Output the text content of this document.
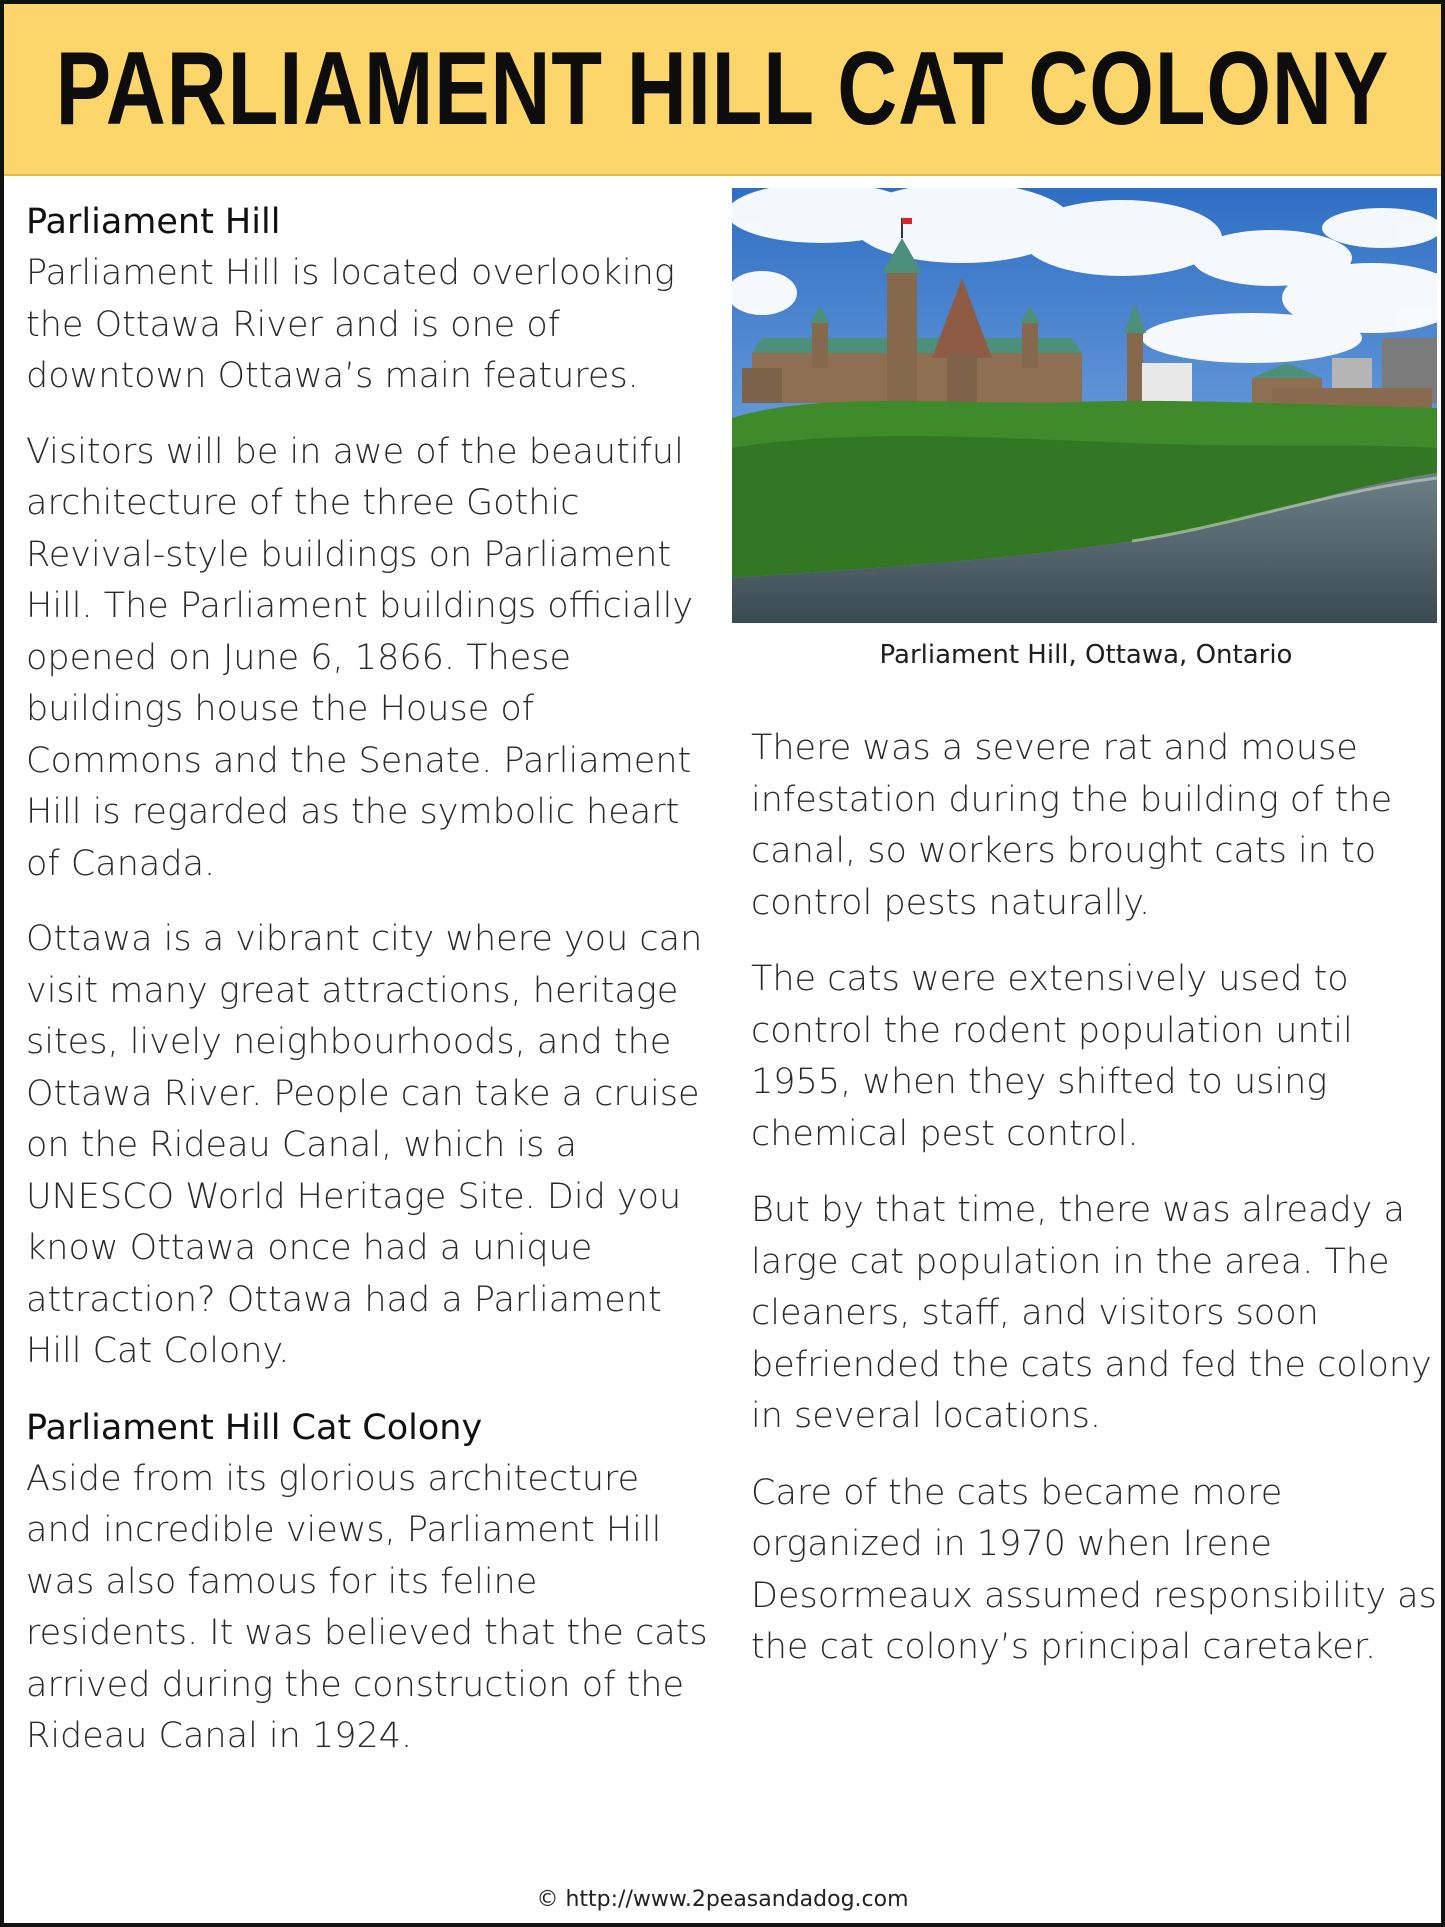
PARLIAMENT HILL CAT COLONY
Parliament Hill

Parliament Hill is located overlooking the Ottawa River and is one of downtown Ottawa’s main features.

Visitors will be in awe of the beautiful architecture of the three Gothic Revival-style buildings on Parliament Hill. The Parliament buildings officially opened on June 6, 1866. These buildings house the House of Commons and the Senate. Parliament Hill is regarded as the symbolic heart of Canada.

Ottawa is a vibrant city where you can visit many great attractions, heritage sites, lively neighbourhoods, and the Ottawa River. People can take a cruise on the Rideau Canal, which is a UNESCO World Heritage Site. Did you know Ottawa once had a unique attraction? Ottawa had a Parliament Hill Cat Colony.

Parliament Hill Cat Colony

Aside from its glorious architecture and incredible views, Parliament Hill was also famous for its feline residents. It was believed that the cats arrived during the construction of the Rideau Canal in 1924.

Parliament Hill, Ottawa, Ontario

There was a severe rat and mouse infestation during the building of the canal, so workers brought cats in to control pests naturally.

The cats were extensively used to control the rodent population until 1955, when they shifted to using chemical pest control.

But by that time, there was already a large cat population in the area. The cleaners, staff, and visitors soon befriended the cats and fed the colony in several locations.

Care of the cats became more organized in 1970 when Irene Desormeaux assumed responsibility as the cat colony’s principal caretaker.

© http://www.2peasandadog.com
